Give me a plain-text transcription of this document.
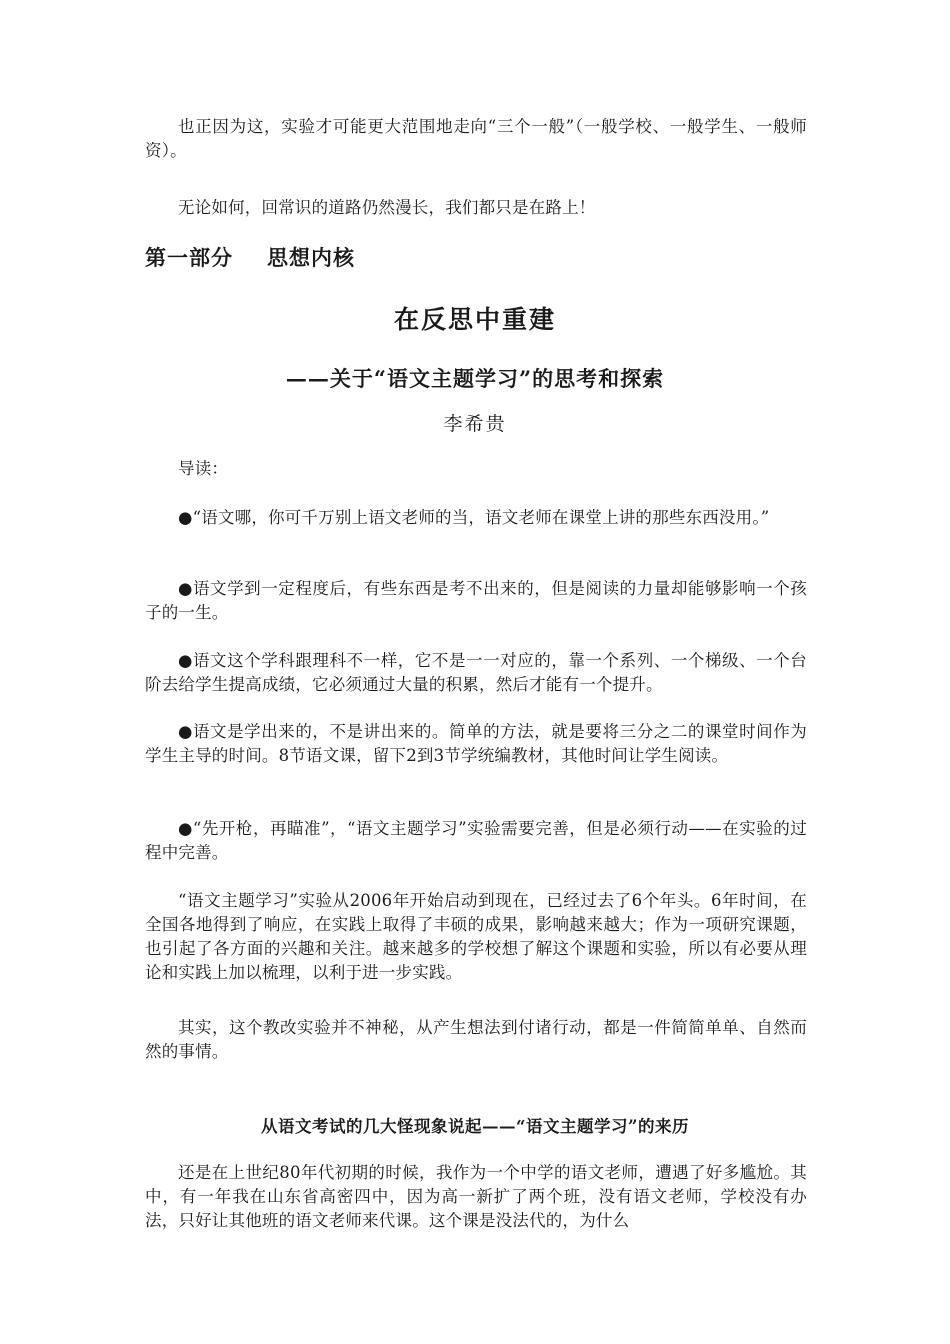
也正因为这，实验才可能更大范围地走向“三个一般”（一般学校、一般学生、一般师资）。

无论如何，回常识的道路仍然漫长，我们都只是在路上！

第一部分 思想内核
在反思中重建
——关于“语文主题学习”的思考和探索
李希贵

导读：

●“语文哪，你可千万别上语文老师的当，语文老师在课堂上讲的那些东西没用。”

●语文学到一定程度后，有些东西是考不出来的，但是阅读的力量却能够影响一个孩子的一生。

●语文这个学科跟理科不一样，它不是一一对应的，靠一个系列、一个梯级、一个台阶去给学生提高成绩，它必须通过大量的积累，然后才能有一个提升。

●语文是学出来的，不是讲出来的。简单的方法，就是要将三分之二的课堂时间作为学生主导的时间。8节语文课，留下2到3节学统编教材，其他时间让学生阅读。

●“先开枪，再瞄准”，“语文主题学习”实验需要完善，但是必须行动——在实验的过程中完善。

“语文主题学习”实验从2006年开始启动到现在，已经过去了6个年头。6年时间，在全国各地得到了响应，在实践上取得了丰硕的成果，影响越来越大；作为一项研究课题，也引起了各方面的兴趣和关注。越来越多的学校想了解这个课题和实验，所以有必要从理论和实践上加以梳理，以利于进一步实践。

其实，这个教改实验并不神秘，从产生想法到付诸行动，都是一件简简单单、自然而然的事情。

从语文考试的几大怪现象说起——“语文主题学习”的来历

还是在上世纪80年代初期的时候，我作为一个中学的语文老师，遭遇了好多尴尬。其中，有一年我在山东省高密四中，因为高一新扩了两个班，没有语文老师，学校没有办法，只好让其他班的语文老师来代课。这个课是没法代的，为什么
